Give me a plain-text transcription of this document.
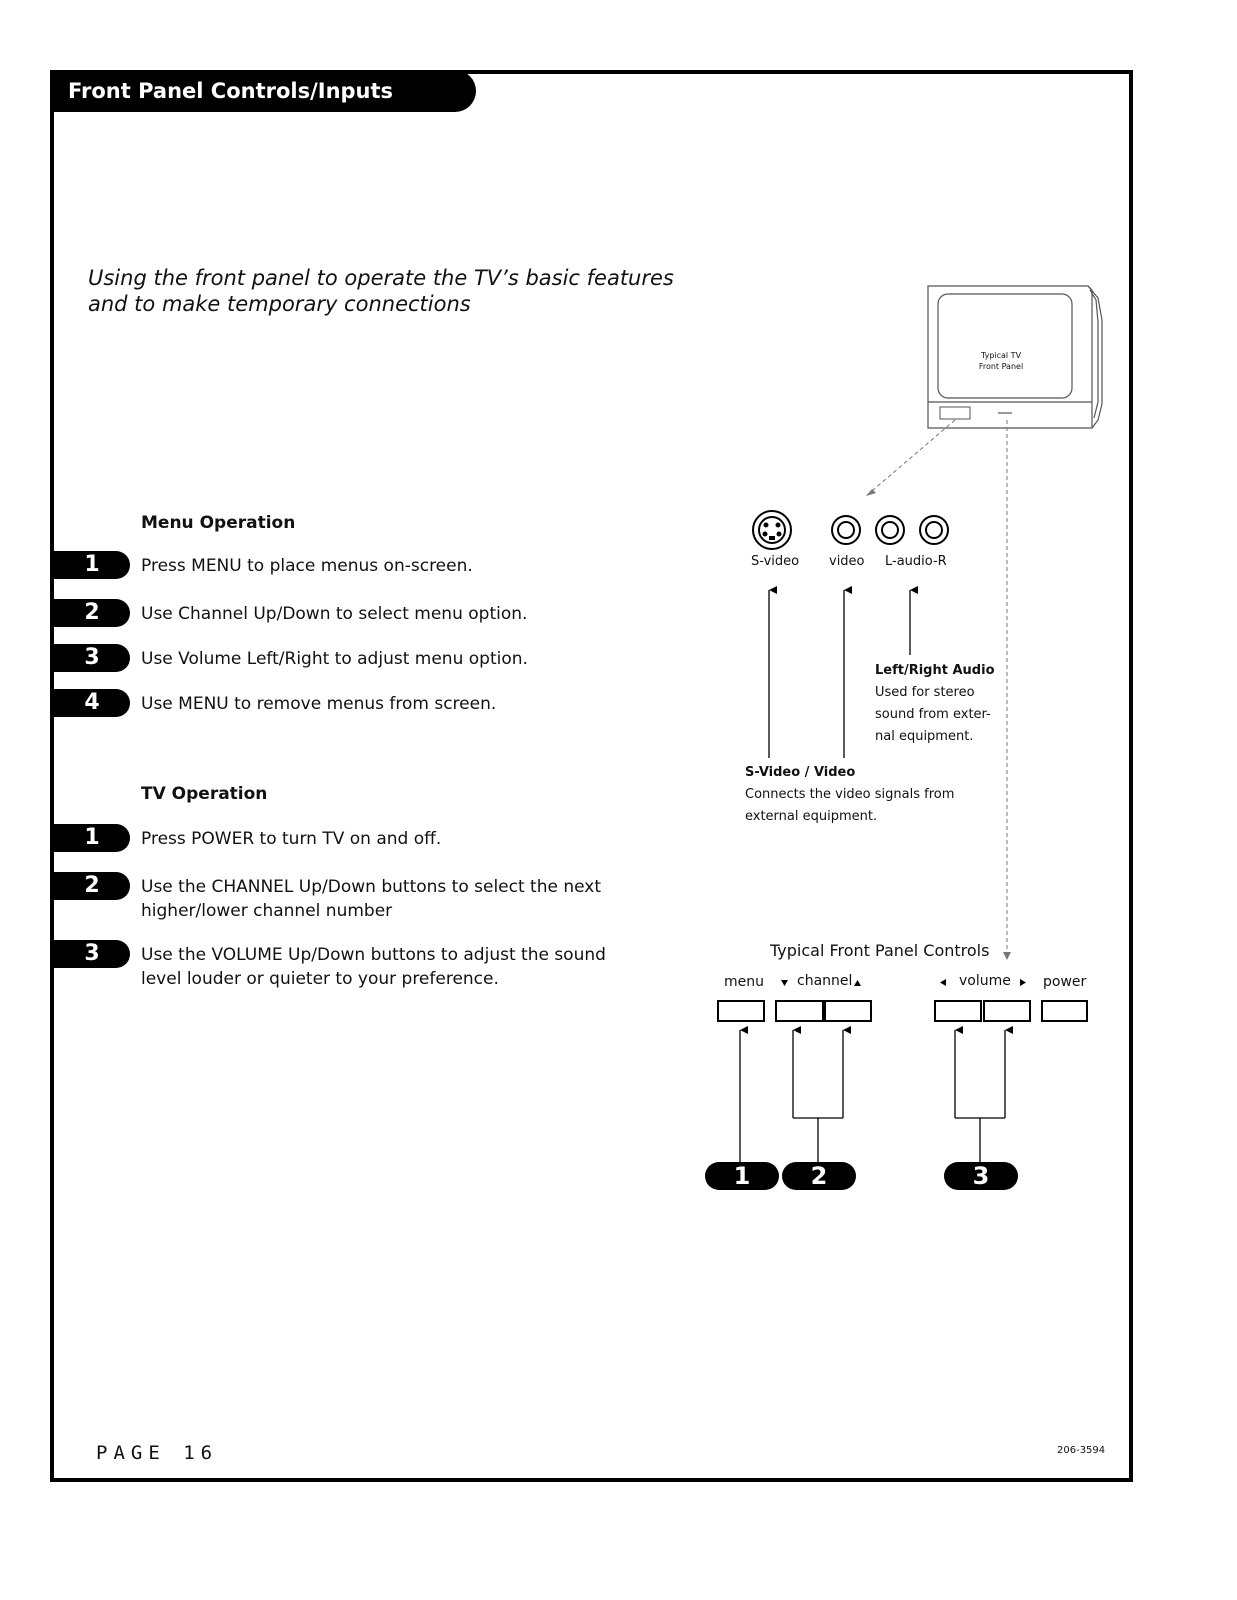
Front Panel Controls/Inputs
Using the front panel to operate the TV’s basic features
and to make temporary connections
Menu Operation
1	Press MENU to place menus on-screen.
2	Use Channel Up/Down to select menu option.
3	Use Volume Left/Right to adjust menu option.
4	Use MENU to remove menus from screen.
TV Operation
1	Press POWER to turn TV on and off.
2	Use the CHANNEL Up/Down buttons to select the next higher/lower channel number
3	Use the VOLUME Up/Down buttons to adjust the sound level louder or quieter to your preference.
Typical TV
Front Panel
S-video video L-audio-R
Left/Right Audio
Used for stereo
sound from exter-
nal equipment.
S-Video / Video
Connects the video signals from
external equipment.
Typical Front Panel Controls
menu channel	volume power
1	2	3
PAGE 16	206-3594
